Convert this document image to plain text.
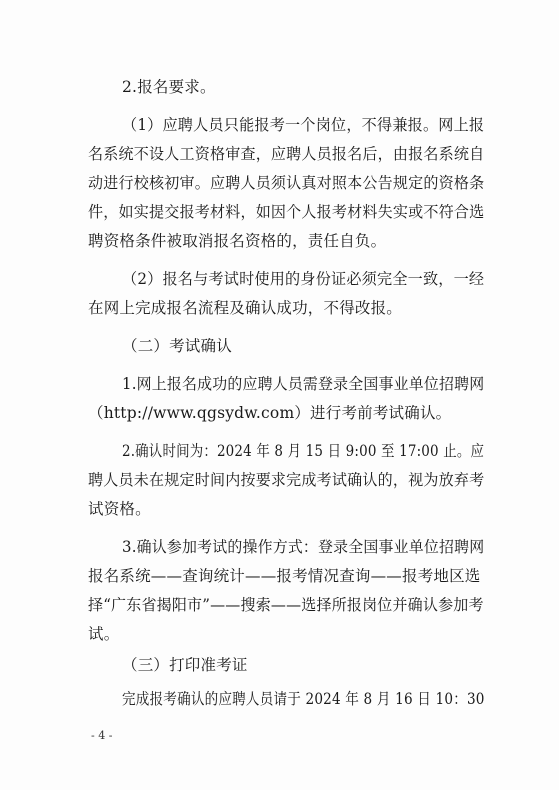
2.报名要求。
（1）应聘人员只能报考一个岗位，不得兼报。网上报
名系统不设人工资格审查，应聘人员报名后，由报名系统自
动进行校核初审。应聘人员须认真对照本公告规定的资格条
件，如实提交报考材料，如因个人报考材料失实或不符合选
聘资格条件被取消报名资格的，责任自负。
（2）报名与考试时使用的身份证必须完全一致，一经
在网上完成报名流程及确认成功，不得改报。
（二）考试确认
1.网上报名成功的应聘人员需登录全国事业单位招聘网
（http://www.qgsydw.com）进行考前考试确认。
2.确认时间为：2024 年 8 月 15 日 9:00 至 17:00 止。应
聘人员未在规定时间内按要求完成考试确认的，视为放弃考
试资格。
3.确认参加考试的操作方式：登录全国事业单位招聘网
报名系统——查询统计——报考情况查询——报考地区选
择“广东省揭阳市”——搜索——选择所报岗位并确认参加考
试。
（三）打印准考证
完成报考确认的应聘人员请于 2024 年 8 月 16 日 10：30
- 4 -
